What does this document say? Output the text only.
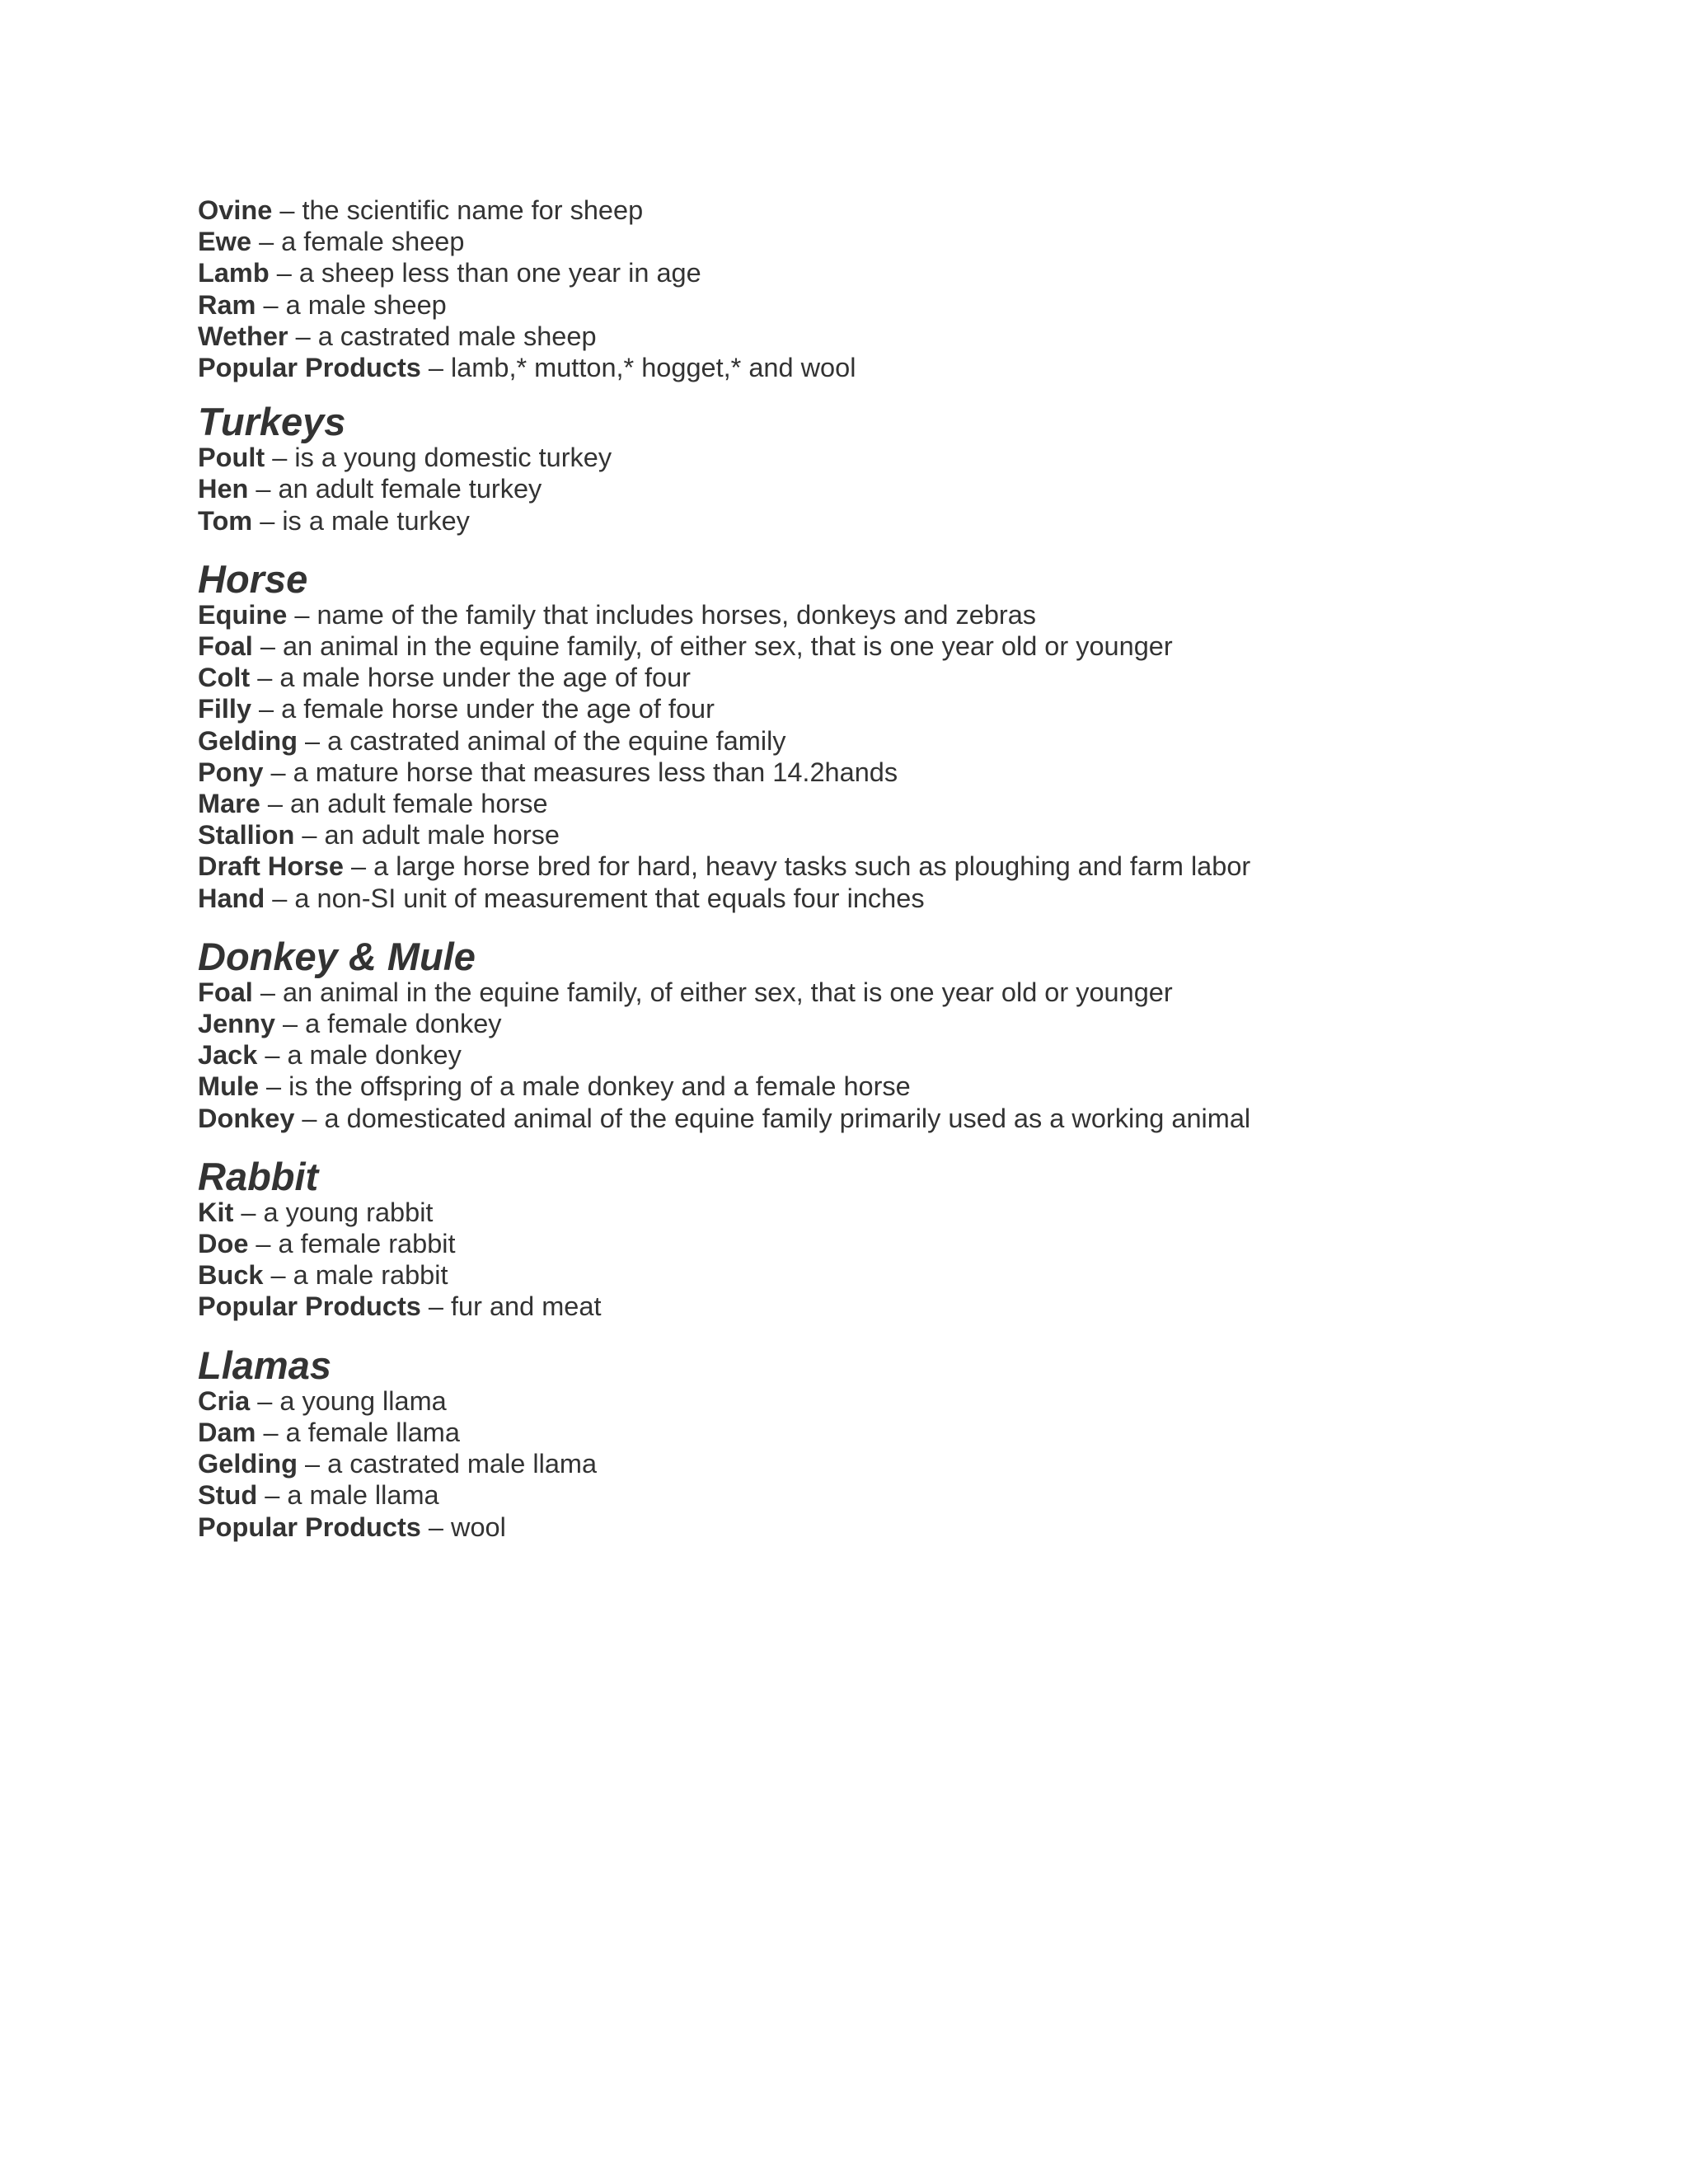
Ovine – the scientific name for sheep
Ewe – a female sheep
Lamb – a sheep less than one year in age
Ram – a male sheep
Wether – a castrated male sheep
Popular Products – lamb,* mutton,* hogget,* and wool
Turkeys
Poult – is a young domestic turkey
Hen – an adult female turkey
Tom – is a male turkey
Horse
Equine – name of the family that includes horses, donkeys and zebras
Foal – an animal in the equine family, of either sex, that is one year old or younger
Colt – a male horse under the age of four
Filly – a female horse under the age of four
Gelding – a castrated animal of the equine family
Pony – a mature horse that measures less than 14.2hands
Mare – an adult female horse
Stallion – an adult male horse
Draft Horse – a large horse bred for hard, heavy tasks such as ploughing and farm labor
Hand – a non-SI unit of measurement that equals four inches
Donkey & Mule
Foal – an animal in the equine family, of either sex, that is one year old or younger
Jenny – a female donkey
Jack – a male donkey
Mule – is the offspring of a male donkey and a female horse
Donkey – a domesticated animal of the equine family primarily used as a working animal
Rabbit
Kit – a young rabbit
Doe – a female rabbit
Buck – a male rabbit
Popular Products – fur and meat
Llamas
Cria – a young llama
Dam – a female llama
Gelding – a castrated male llama
Stud – a male llama
Popular Products – wool
